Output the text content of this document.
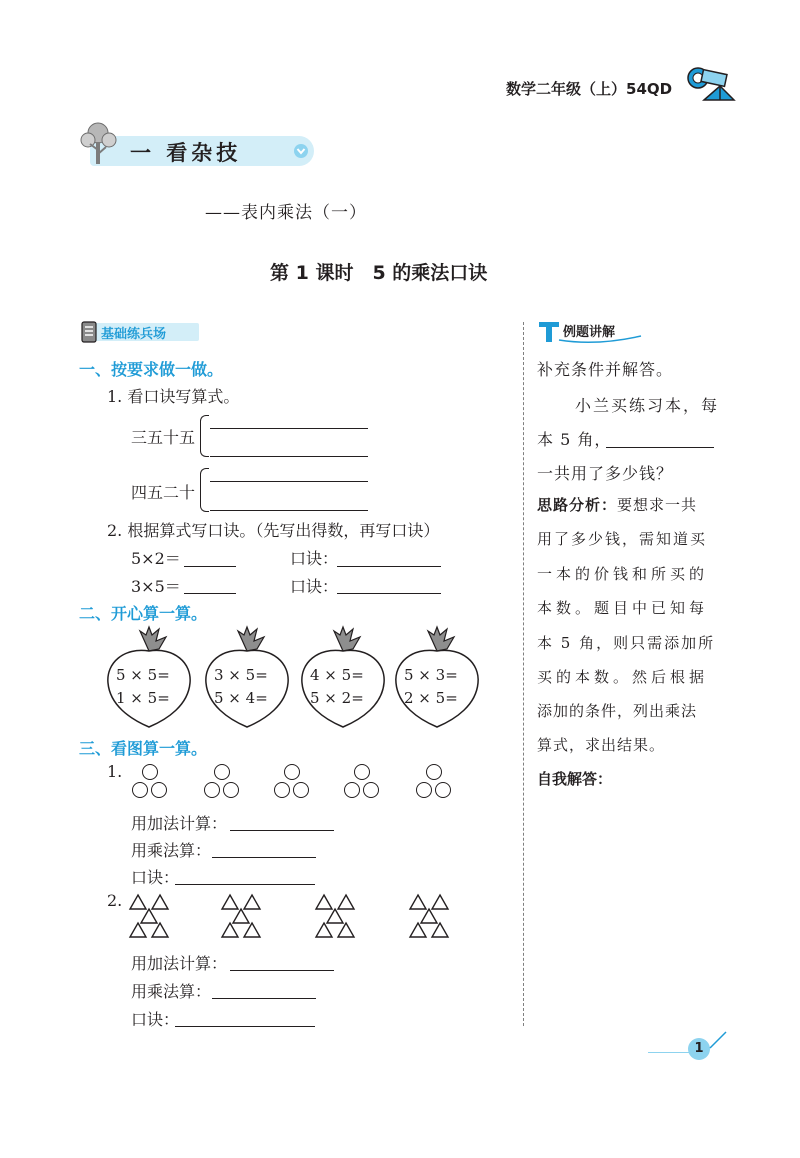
数学二年级（上）54QD
一 看杂技
——表内乘法（一）
第 1 课时　5 的乘法口诀
基础练兵场
一、按要求做一做。
1. 看口诀写算式。
三五十五
四五二十
2. 根据算式写口诀。（先写出得数，再写口诀）
5×2＝	口诀：
3×5＝	口诀：
二、开心算一算。
5 × 5=
1 × 5=
3 × 5=
5 × 4=
4 × 5=
5 × 2=
5 × 3=
2 × 5=
三、看图算一算。
1.
用加法计算：
用乘法算：
口诀：
2.
用加法计算：
用乘法算：
口诀：
例题讲解
补充条件并解答。
小兰买练习本，每
本 5 角，
一共用了多少钱？
思路分析：要想求一共
用了多少钱，需知道买
一本的价钱和所买的
本数。题目中已知每
本 5 角，则只需添加所
买的本数。然后根据
添加的条件，列出乘法
算式，求出结果。
自我解答：
1
